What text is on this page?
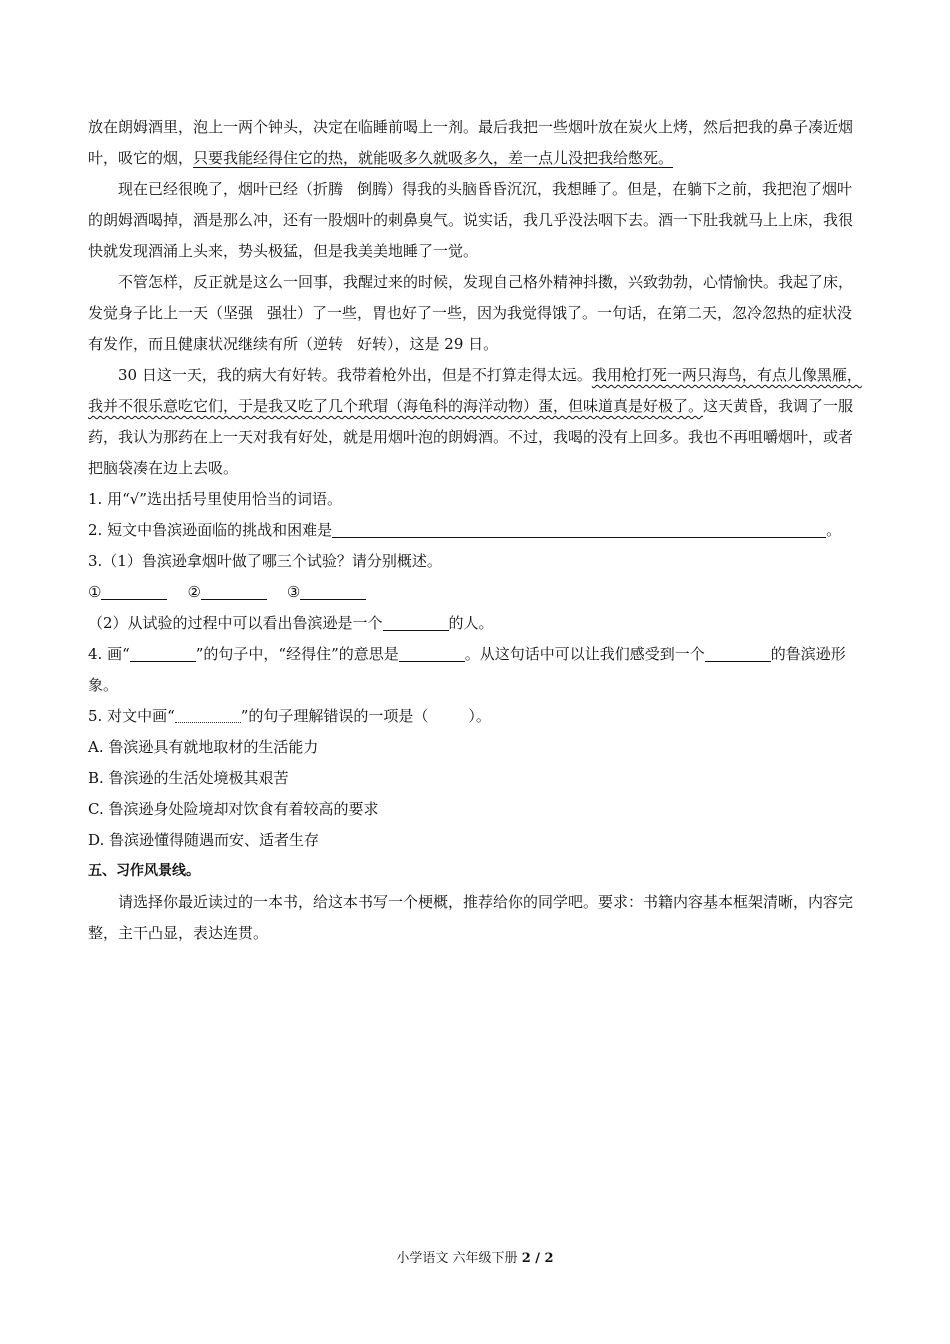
放在朗姆酒里，泡上一两个钟头，决定在临睡前喝上一剂。最后我把一些烟叶放在炭火上烤，然后把我的鼻子凑近烟叶，吸它的烟，只要我能经得住它的热，就能吸多久就吸多久，差一点儿没把我给憋死。

现在已经很晚了，烟叶已经（折腾 倒腾）得我的头脑昏昏沉沉，我想睡了。但是，在躺下之前，我把泡了烟叶的朗姆酒喝掉，酒是那么冲，还有一股烟叶的刺鼻臭气。说实话，我几乎没法咽下去。酒一下肚我就马上上床，我很快就发现酒涌上头来，势头极猛，但是我美美地睡了一觉。

不管怎样，反正就是这么一回事，我醒过来的时候，发现自己格外精神抖擞，兴致勃勃，心情愉快。我起了床，发觉身子比上一天（坚强 强壮）了一些，胃也好了一些，因为我觉得饿了。一句话，在第二天，忽冷忽热的症状没有发作，而且健康状况继续有所（逆转 好转），这是 29 日。

30 日这一天，我的病大有好转。我带着枪外出，但是不打算走得太远。我用枪打死一两只海鸟，有点儿像黑雁，我并不很乐意吃它们，于是我又吃了几个玳瑁（海龟科的海洋动物）蛋，但味道真是好极了。这天黄昏，我调了一服药，我认为那药在上一天对我有好处，就是用烟叶泡的朗姆酒。不过，我喝的没有上回多。我也不再咀嚼烟叶，或者把脑袋凑在边上去吸。

1. 用“√”选出括号里使用恰当的词语。

2. 短文中鲁滨逊面临的挑战和困难是	。

3.（1）鲁滨逊拿烟叶做了哪三个试验？请分别概述。

①	②	③

（2）从试验的过程中可以看出鲁滨逊是一个	的人。

4. 画“	”的句子中，“经得住”的意思是	。从这句话中可以让我们感受到一个	的鲁滨逊形象。

5. 对文中画“	”的句子理解错误的一项是（	）。

A. 鲁滨逊具有就地取材的生活能力

B. 鲁滨逊的生活处境极其艰苦

C. 鲁滨逊身处险境却对饮食有着较高的要求

D. 鲁滨逊懂得随遇而安、适者生存

五、习作风景线。

请选择你最近读过的一本书，给这本书写一个梗概，推荐给你的同学吧。要求：书籍内容基本框架清晰，内容完整，主干凸显，表达连贯。

小学语文 六年级下册 2 / 2
